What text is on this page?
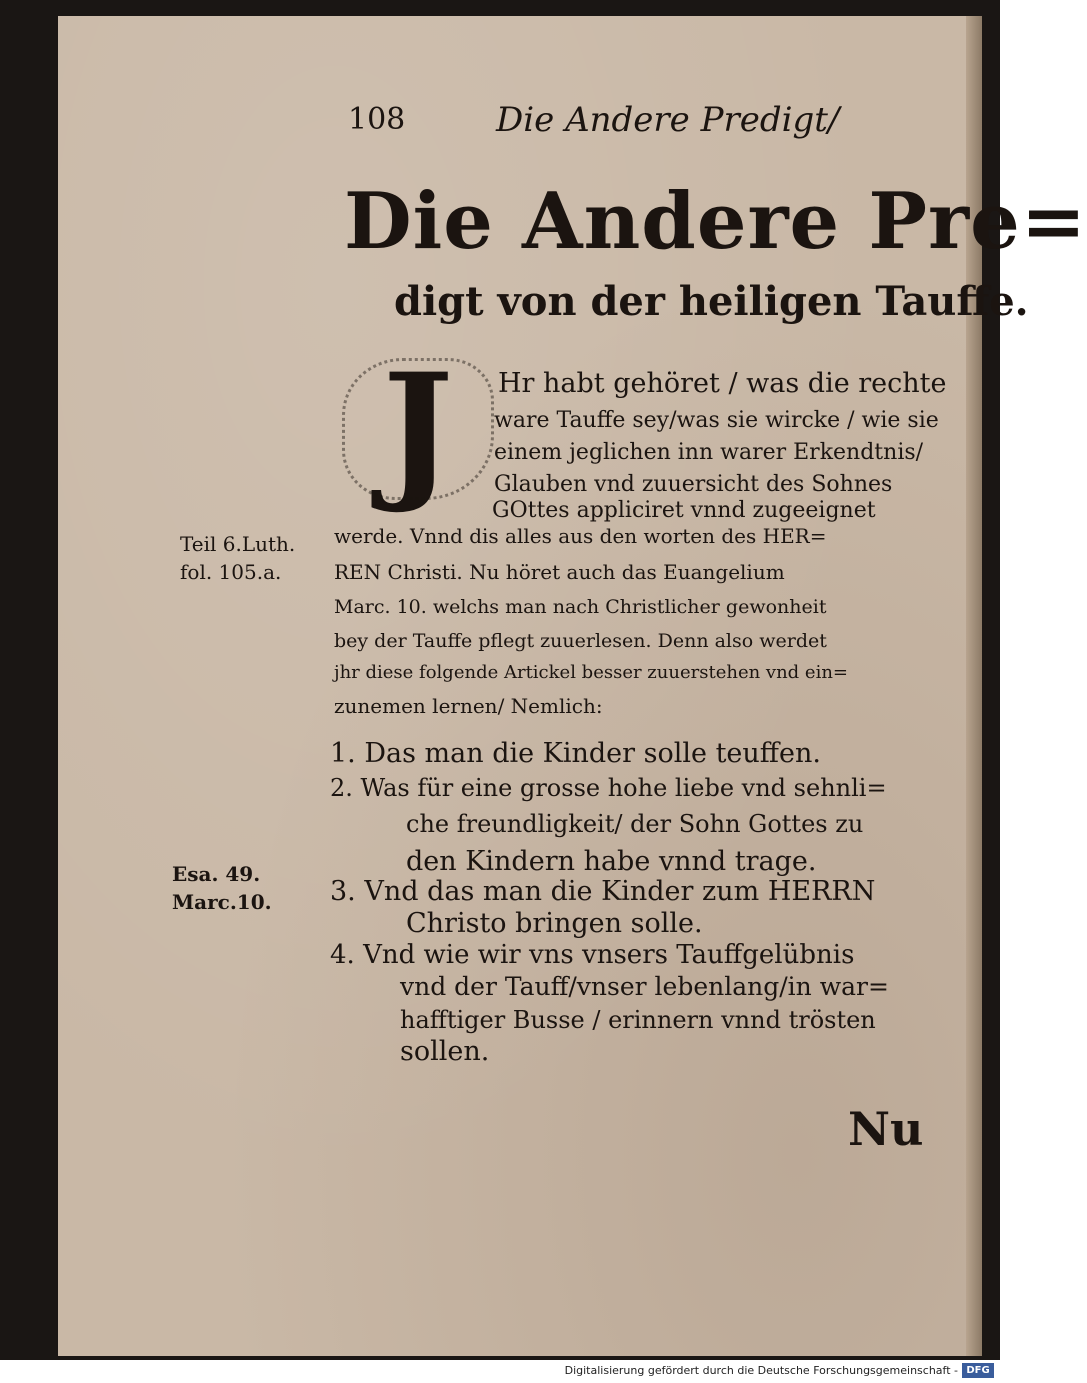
108	Die Andere Predigt/
Die Andere Pre=
digt von der heiligen Tauffe.
J	Hr habt gehöret / was die rechte
ware Tauffe sey/was sie wircke / wie sie
einem jeglichen inn warer Erkendtnis/
Glauben vnd zuuersicht des Sohnes
GOttes appliciret vnnd zugeeignet
werde. Vnnd dis alles aus den worten des HER=
REN Christi. Nu höret auch das Euangelium
Marc. 10. welchs man nach Christlicher gewonheit
bey der Tauffe pflegt zuuerlesen. Denn also werdet
jhr diese folgende Artickel besser zuuerstehen vnd ein=
zunemen lernen/ Nemlich:
Teil 6.Luth.
fol. 105.a.
Esa. 49.
Marc.10.
1. Das man die Kinder solle teuffen.
2. Was für eine grosse hohe liebe vnd sehnli=
che freundligkeit/ der Sohn Gottes zu
den Kindern habe vnnd trage.
3. Vnd das man die Kinder zum HERRN
Christo bringen solle.
4. Vnd wie wir vns vnsers Tauffgelübnis
vnd der Tauff/vnser lebenlang/in war=
hafftiger Busse / erinnern vnnd trösten
sollen.
Nu
Digitalisierung gefördert durch die Deutsche Forschungsgemeinschaft - DFG
